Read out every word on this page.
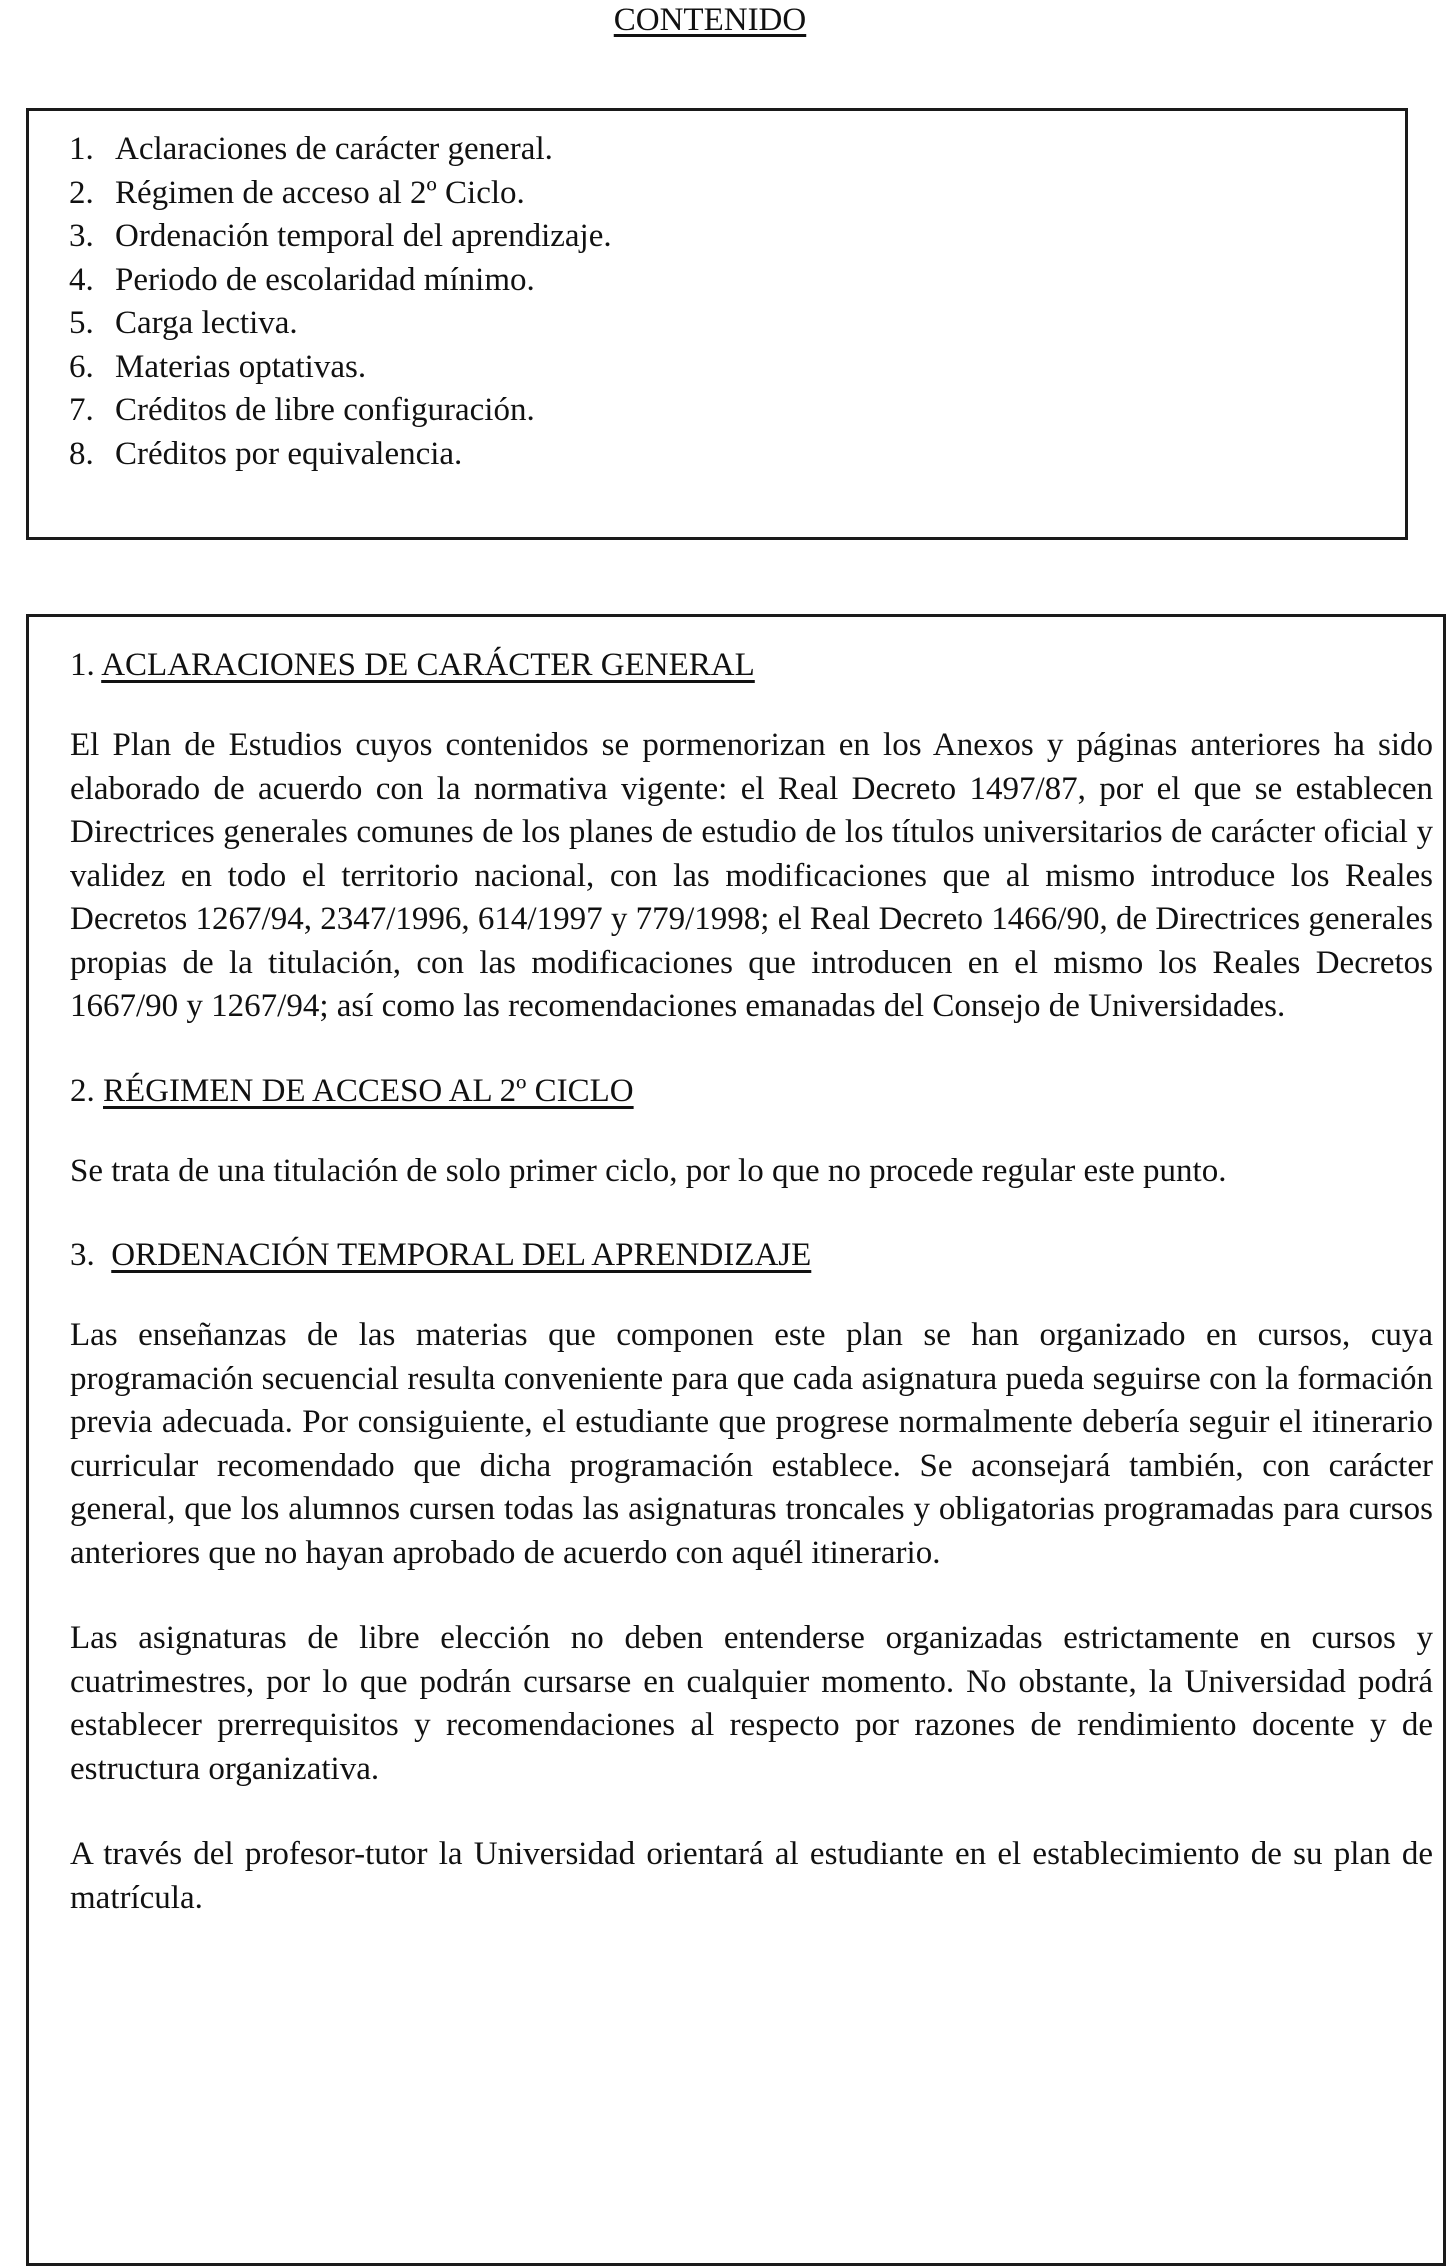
CONTENIDO
1. Aclaraciones de carácter general.
2. Régimen de acceso al 2º Ciclo.
3. Ordenación temporal del aprendizaje.
4. Periodo de escolaridad mínimo.
5. Carga lectiva.
6. Materias optativas.
7. Créditos de libre configuración.
8. Créditos por equivalencia.
1. ACLARACIONES DE CARÁCTER GENERAL

El Plan de Estudios cuyos contenidos se pormenorizan en los Anexos y páginas anteriores ha sido elaborado de acuerdo con la normativa vigente: el Real Decreto 1497/87, por el que se establecen Directrices generales comunes de los planes de estudio de los títulos universitarios de carácter oficial y validez en todo el territorio nacional, con las modificaciones que al mismo introduce los Reales Decretos 1267/94, 2347/1996, 614/1997 y 779/1998; el Real Decreto 1466/90, de Directrices generales propias de la titulación, con las modificaciones que introducen en el mismo los Reales Decretos 1667/90 y 1267/94; así como las recomendaciones emanadas del Consejo de Universidades.

2. RÉGIMEN DE ACCESO AL 2º CICLO

Se trata de una titulación de solo primer ciclo, por lo que no procede regular este punto.

3. ORDENACIÓN TEMPORAL DEL APRENDIZAJE

Las enseñanzas de las materias que componen este plan se han organizado en cursos, cuya programación secuencial resulta conveniente para que cada asignatura pueda seguirse con la formación previa adecuada. Por consiguiente, el estudiante que progrese normalmente debería seguir el itinerario curricular recomendado que dicha programación establece. Se aconsejará también, con carácter general, que los alumnos cursen todas las asignaturas troncales y obligatorias programadas para cursos anteriores que no hayan aprobado de acuerdo con aquél itinerario.

Las asignaturas de libre elección no deben entenderse organizadas estrictamente en cursos y cuatrimestres, por lo que podrán cursarse en cualquier momento. No obstante, la Universidad podrá establecer prerrequisitos y recomendaciones al respecto por razones de rendimiento docente y de estructura organizativa.

A través del profesor-tutor la Universidad orientará al estudiante en el establecimiento de su plan de matrícula.
